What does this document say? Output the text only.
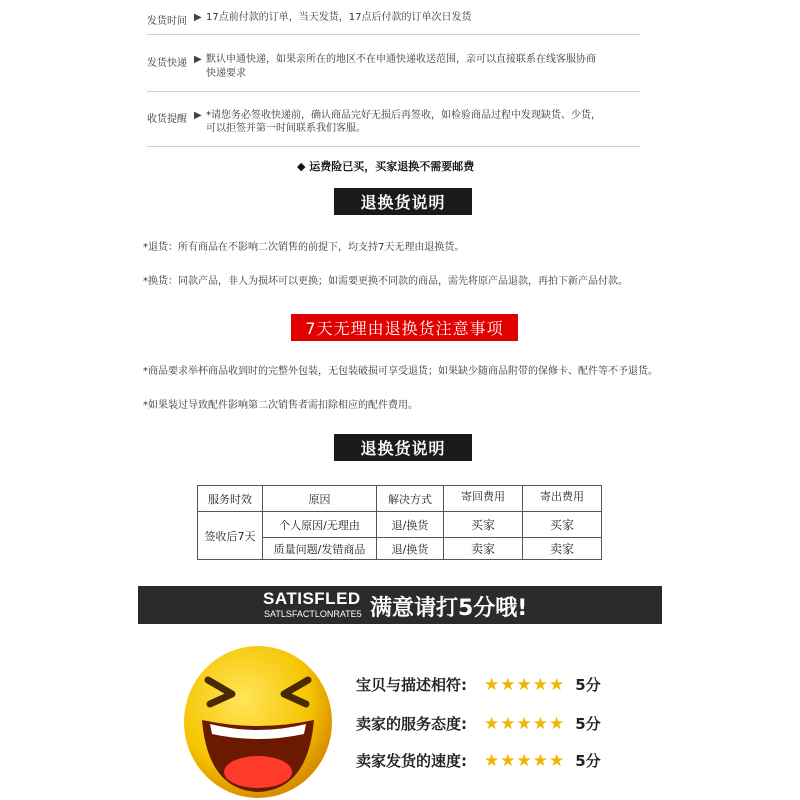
发货时间 ▶ 17点前付款的订单，当天发货，17点后付款的订单次日发货
发货快递 ▶ 默认申通快递，如果亲所在的地区不在申通快递收送范围，亲可以直接联系在线客服协商
快递要求
收货提醒 ▶ *请您务必签收快递前，确认商品完好无损后再签收，如检验商品过程中发现缺货、少货，
可以拒签并第一时间联系我们客服。
◆ 运费险已买，买家退换不需要邮费
退换货说明
*退货：所有商品在不影响二次销售的前提下，均支持7天无理由退换货。
*换货：同款产品，非人为损坏可以更换；如需要更换不同款的商品，需先将原产品退款，再拍下新产品付款。
7天无理由退换货注意事项
*商品要求举杯商品收到时的完整外包装，无包装破损可享受退货；如果缺少随商品附带的保修卡、配件等不予退货。
*如果装过导致配件影响第二次销售者需扣除相应的配件费用。
退换货说明
服务时效	原因	解决方式	寄回费用	寄出费用
签收后7天	个人原因/无理由	退/换货	买家	买家
	质量问题/发错商品	退/换货	卖家	卖家
SATISFLED
SATLSFACTLONRATE5 满意请打5分哦!
宝贝与描述相符:	★ ★ ★ ★ ★ 5分
卖家的服务态度:	★ ★ ★ ★ ★ 5分
卖家发货的速度:	★ ★ ★ ★ ★ 5分
